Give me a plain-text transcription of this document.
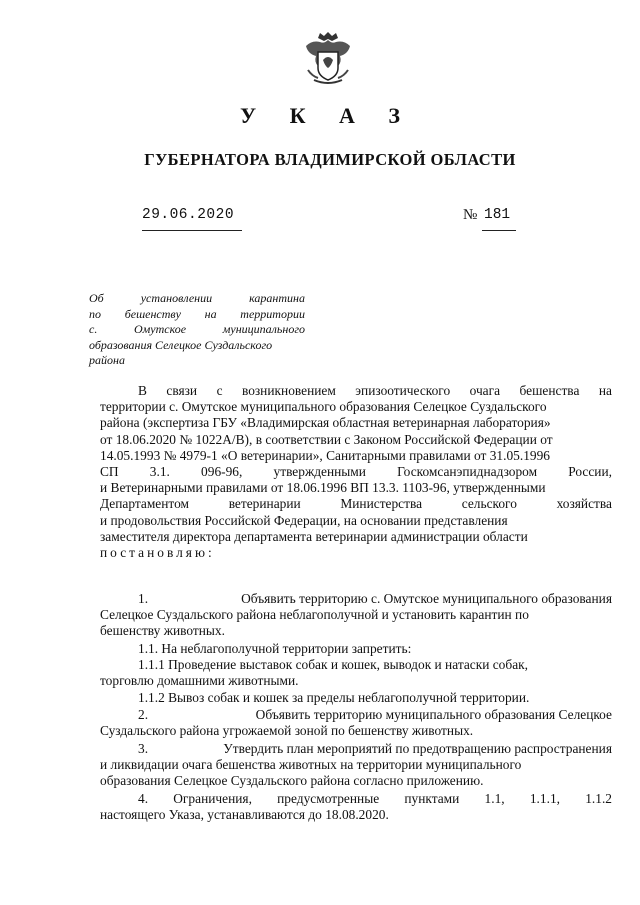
У К А З
ГУБЕРНАТОРА ВЛАДИМИРСКОЙ ОБЛАСТИ
29.06.2020	№ 181
Об	установлении	карантина
по бешенству на территории
с.	Омутское	муниципального
образования Селецкое Суздальского
района
В связи с возникновением эпизоотического очага бешенства на
территории с. Омутское муниципального образования Селецкое Суздальского
района (экспертиза ГБУ «Владимирская областная ветеринарная лаборатория»
от 18.06.2020 № 1022А/В), в соответствии с Законом Российской Федерации от
14.05.1993 № 4979-1 «О ветеринарии», Санитарными правилами от 31.05.1996
СП 3.1. 096-96, утвержденными Госкомсанэпиднадзором России,
и Ветеринарными правилами от 18.06.1996 ВП 13.3. 1103-96, утвержденными
Департаментом	ветеринарии	Министерства	сельского	хозяйства
и продовольствия Российской Федерации, на основании представления
заместителя директора департамента ветеринарии администрации области
постановляю:
1.	Объявить территорию с. Омутское муниципального образования
Селецкое Суздальского района неблагополучной и установить карантин по
бешенству животных.
1.1. На неблагополучной территории запретить:
1.1.1 Проведение выставок собак и кошек, выводок и натаски собак,
торговлю домашними животными.
1.1.2 Вывоз собак и кошек за пределы неблагополучной территории.
2.	Объявить территорию муниципального образования Селецкое
Суздальского района угрожаемой зоной по бешенству животных.
3.	Утвердить план мероприятий по предотвращению распространения
и ликвидации очага бешенства животных на территории муниципального
образования Селецкое Суздальского района согласно приложению.
4. Ограничения, предусмотренные пунктами 1.1, 1.1.1, 1.1.2
настоящего Указа, устанавливаются до 18.08.2020.
